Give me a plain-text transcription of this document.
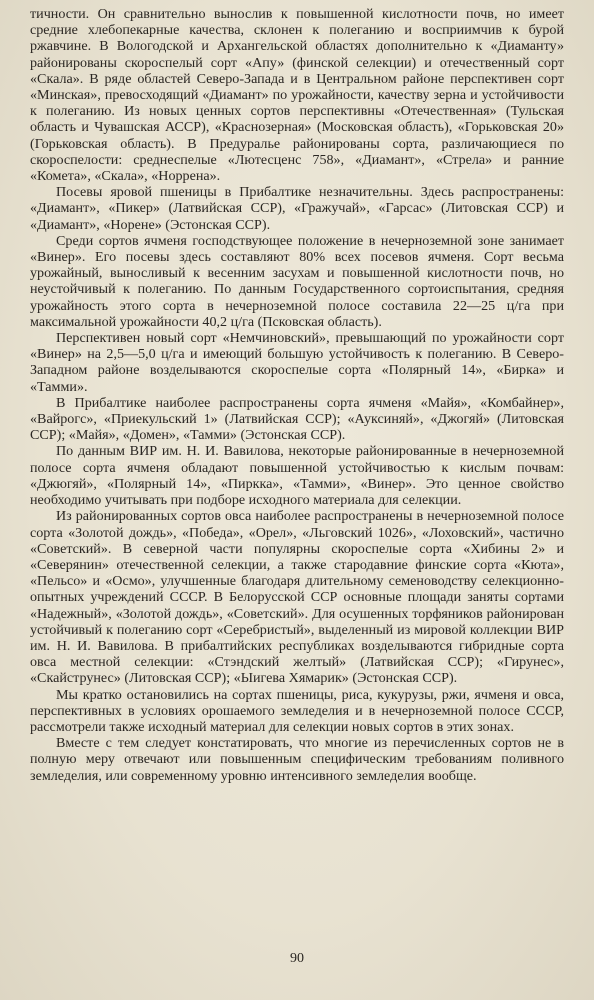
тичности. Он сравнительно вынослив к повышенной кислотности почв, но имеет средние хлебопекарные качества, склонен к полеганию и восприимчив к бурой ржавчине. В Вологодской и Архангельской областях дополнительно к «Диаманту» районированы скороспелый сорт «Апу» (финской селекции) и отечественный сорт «Скала». В ряде областей Северо-Запада и в Центральном районе перспективен сорт «Минская», превосходящий «Диамант» по урожайности, качеству зерна и устойчивости к полеганию. Из новых ценных сортов перспективны «Отечественная» (Тульская область и Чувашская АССР), «Краснозерная» (Московская область), «Горьковская 20» (Горьковская область). В Предуралье районированы сорта, различающиеся по скороспелости: среднеспелые «Лютесценс 758», «Диамант», «Стрела» и ранние «Комета», «Скала», «Норрена».

Посевы яровой пшеницы в Прибалтике незначительны. Здесь распространены: «Диамант», «Пикер» (Латвийская ССР), «Гражучай», «Гарсас» (Литовская ССР) и «Диамант», «Норене» (Эстонская ССР).

Среди сортов ячменя господствующее положение в нечерноземной зоне занимает «Винер». Его посевы здесь составляют 80% всех посевов ячменя. Сорт весьма урожайный, выносливый к весенним засухам и повышенной кислотности почв, но неустойчивый к полеганию. По данным Государственного сортоиспытания, средняя урожайность этого сорта в нечерноземной полосе составила 22—25 ц/га при максимальной урожайности 40,2 ц/га (Псковская область).

Перспективен новый сорт «Немчиновский», превышающий по урожайности сорт «Винер» на 2,5—5,0 ц/га и имеющий большую устойчивость к полеганию. В Северо-Западном районе возделываются скороспелые сорта «Полярный 14», «Бирка» и «Тамми».

В Прибалтике наиболее распространены сорта ячменя «Майя», «Комбайнер», «Вайрогс», «Приекульский 1» (Латвийская ССР); «Ауксиняй», «Джогяй» (Литовская ССР); «Майя», «Домен», «Тамми» (Эстонская ССР).

По данным ВИР им. Н. И. Вавилова, некоторые районированные в нечерноземной полосе сорта ячменя обладают повышенной устойчивостью к кислым почвам: «Джюгяй», «Полярный 14», «Пиркка», «Тамми», «Винер». Это ценное свойство необходимо учитывать при подборе исходного материала для селекции.

Из районированных сортов овса наиболее распространены в нечерноземной полосе сорта «Золотой дождь», «Победа», «Орел», «Льговский 1026», «Лоховский», частично «Советский». В северной части популярны скороспелые сорта «Хибины 2» и «Северянин» отечественной селекции, а также стародавние финские сорта «Кюта», «Пельсо» и «Осмо», улучшенные благодаря длительному семеноводству селекционно-опытных учреждений СССР. В Белорусской ССР основные площади заняты сортами «Надежный», «Золотой дождь», «Советский». Для осушенных торфяников районирован устойчивый к полеганию сорт «Серебристый», выделенный из мировой коллекции ВИР им. Н. И. Вавилова. В прибалтийских республиках возделываются гибридные сорта овса местной селекции: «Стэндский желтый» (Латвийская ССР); «Гирунес», «Скайструнес» (Литовская ССР); «Ыигева Хямарик» (Эстонская ССР).

Мы кратко остановились на сортах пшеницы, риса, кукурузы, ржи, ячменя и овса, перспективных в условиях орошаемого земледелия и в нечерноземной полосе СССР, рассмотрели также исходный материал для селекции новых сортов в этих зонах.

Вместе с тем следует констатировать, что многие из перечисленных сортов не в полную меру отвечают или повышенным специфическим требованиям поливного земледелия, или современному уровню интенсивного земледелия вообще.

90
